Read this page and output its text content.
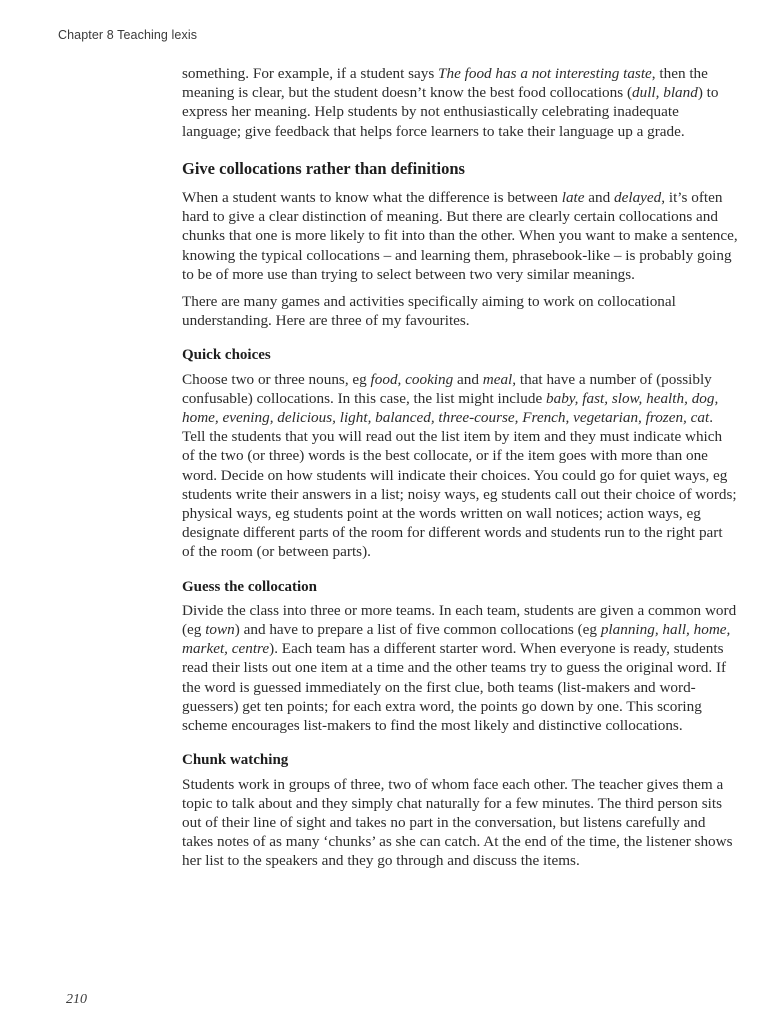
Chapter 8 Teaching lexis

something. For example, if a student says The food has a not interesting taste, then the meaning is clear, but the student doesn’t know the best food collocations (dull, bland) to express her meaning. Help students by not enthusiastically celebrating inadequate language; give feedback that helps force learners to take their language up a grade.

Give collocations rather than definitions

When a student wants to know what the difference is between late and delayed, it’s often hard to give a clear distinction of meaning. But there are clearly certain collocations and chunks that one is more likely to fit into than the other. When you want to make a sentence, knowing the typical collocations – and learning them, phrasebook-like – is probably going to be of more use than trying to select between two very similar meanings.

There are many games and activities specifically aiming to work on collocational understanding. Here are three of my favourites.

Quick choices

Choose two or three nouns, eg food, cooking and meal, that have a number of (possibly confusable) collocations. In this case, the list might include baby, fast, slow, health, dog, home, evening, delicious, light, balanced, three-course, French, vegetarian, frozen, cat. Tell the students that you will read out the list item by item and they must indicate which of the two (or three) words is the best collocate, or if the item goes with more than one word. Decide on how students will indicate their choices. You could go for quiet ways, eg students write their answers in a list; noisy ways, eg students call out their choice of words; physical ways, eg students point at the words written on wall notices; action ways, eg designate different parts of the room for different words and students run to the right part of the room (or between parts).

Guess the collocation

Divide the class into three or more teams. In each team, students are given a common word (eg town) and have to prepare a list of five common collocations (eg planning, hall, home, market, centre). Each team has a different starter word. When everyone is ready, students read their lists out one item at a time and the other teams try to guess the original word. If the word is guessed immediately on the first clue, both teams (list-makers and word-guessers) get ten points; for each extra word, the points go down by one. This scoring scheme encourages list-makers to find the most likely and distinctive collocations.

Chunk watching

Students work in groups of three, two of whom face each other. The teacher gives them a topic to talk about and they simply chat naturally for a few minutes. The third person sits out of their line of sight and takes no part in the conversation, but listens carefully and takes notes of as many ‘chunks’ as she can catch. At the end of the time, the listener shows her list to the speakers and they go through and discuss the items.

210
